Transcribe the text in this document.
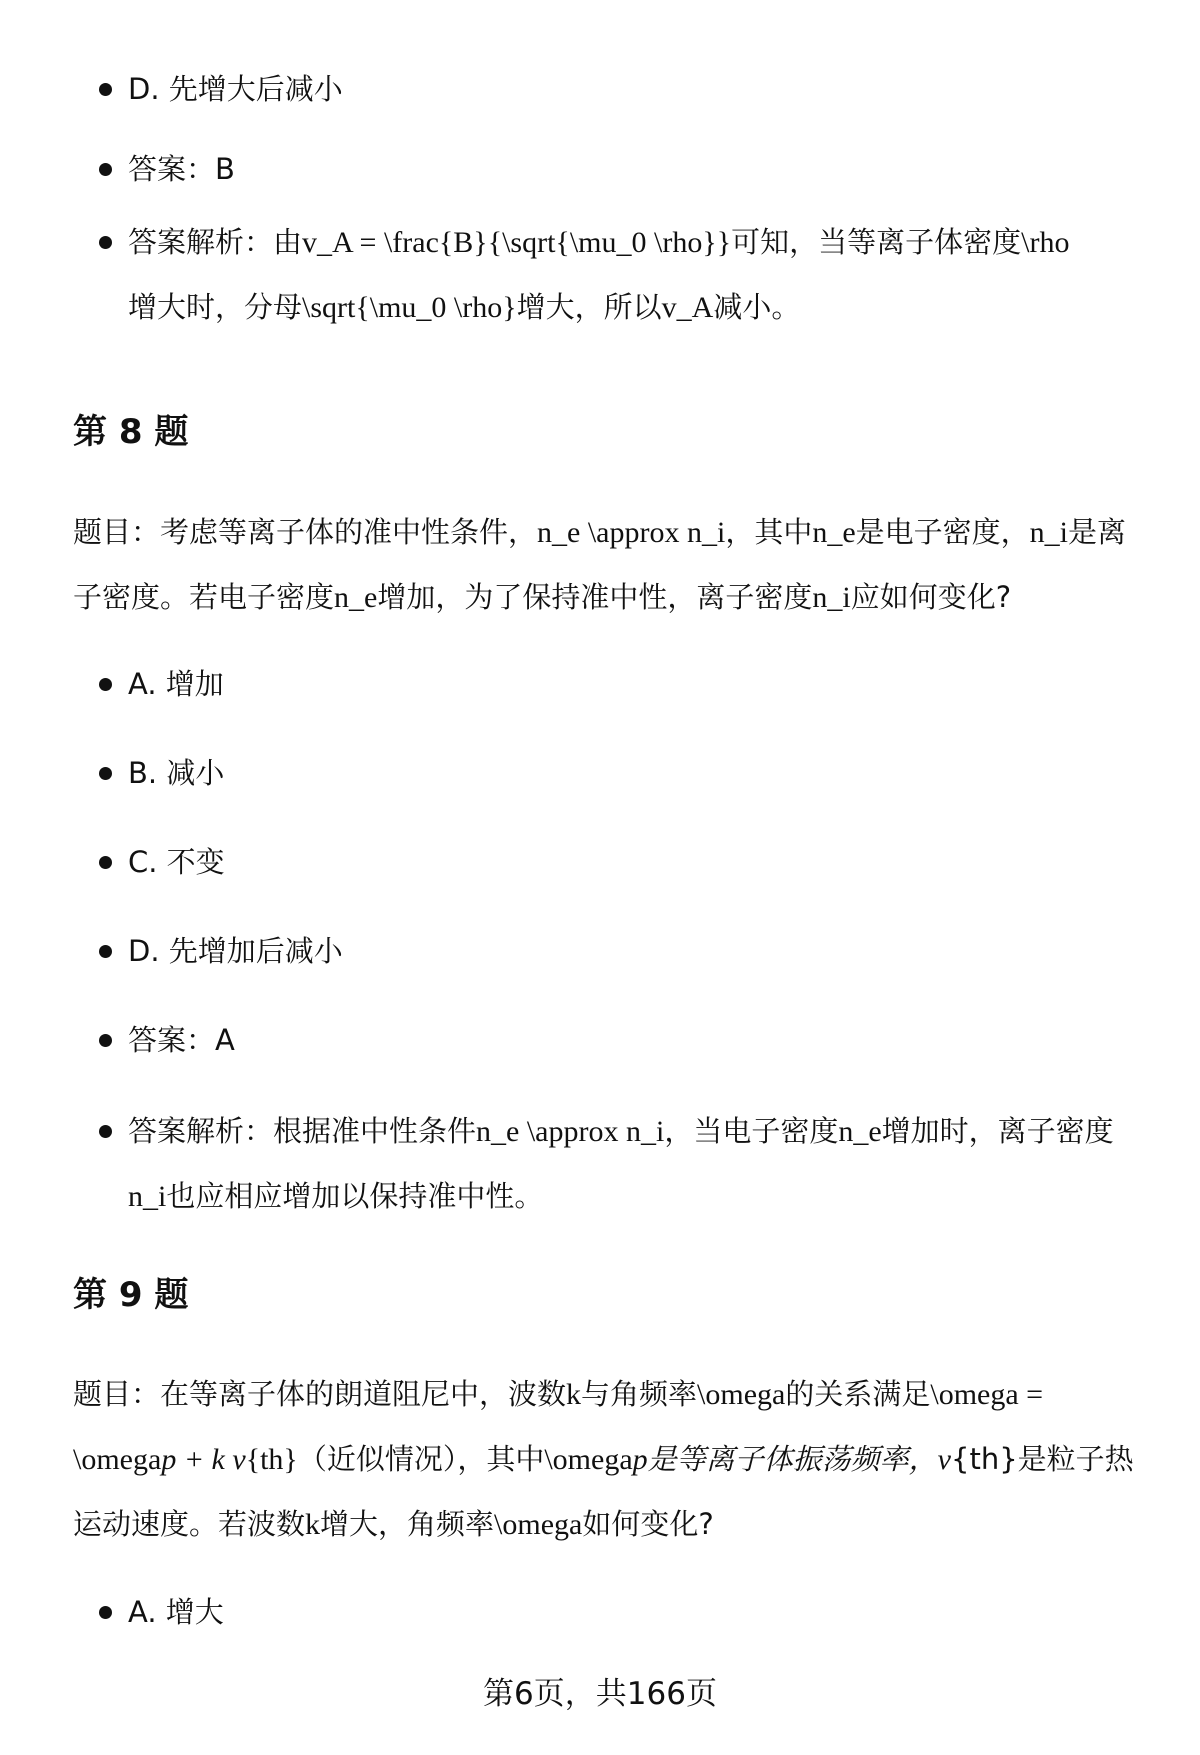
D. 先增大后减小
答案：B
答案解析：由v_A = \frac{B}{\sqrt{\mu_0 \rho}}可知，当等离子体密度\rho增大时，分母\sqrt{\mu_0 \rho}增大，所以v_A减小。
第 8 题
题目：考虑等离子体的准中性条件，n_e \approx n_i，其中n_e是电子密度，n_i是离子密度。若电子密度n_e增加，为了保持准中性，离子密度n_i应如何变化?
A. 增加
B. 减小
C. 不变
D. 先增加后减小
答案：A
答案解析：根据准中性条件n_e \approx n_i，当电子密度n_e增加时，离子密度n_i也应相应增加以保持准中性。
第 9 题
题目：在等离子体的朗道阻尼中，波数k与角频率\omega的关系满足\omega = \omegap + k v{th}（近似情况），其中\omegap是等离子体振荡频率，v{th}是粒子热运动速度。若波数k增大，角频率\omega如何变化?
A. 增大
第6页，共166页
